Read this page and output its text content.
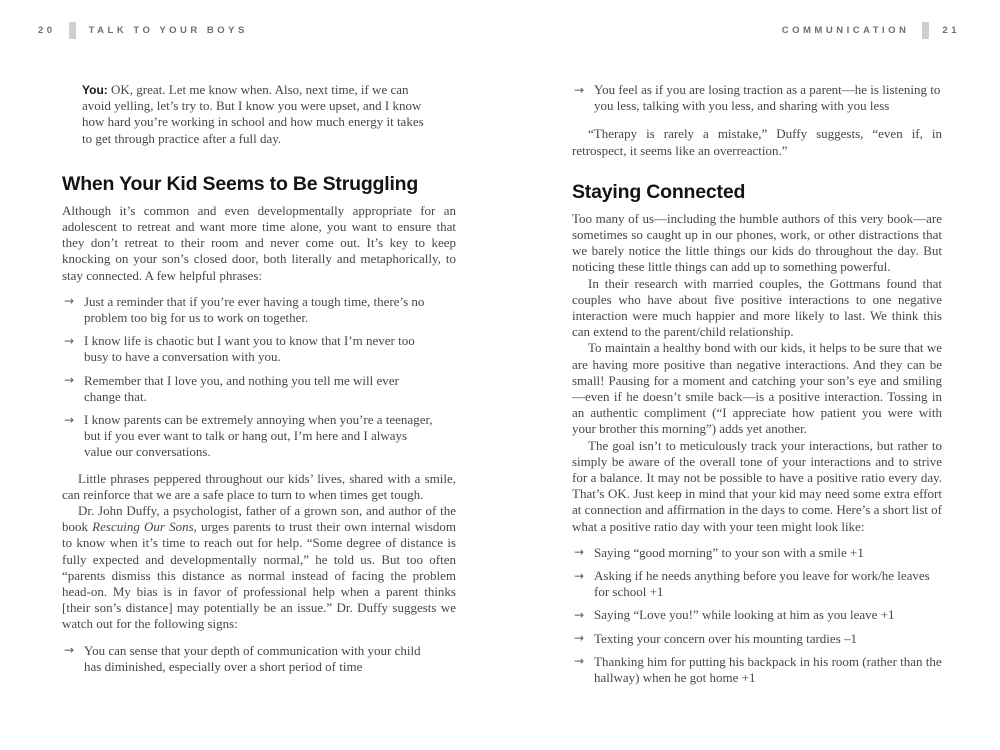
20	TALK TO YOUR BOYS	COMMUNICATION	21

You: OK, great. Let me know when. Also, next time, if we can avoid yelling, let’s try to. But I know you were upset, and I know how hard you’re working in school and how much energy it takes to get through practice after a full day.

When Your Kid Seems to Be Struggling

Although it’s common and even developmentally appropriate for an adolescent to retreat and want more time alone, you want to ensure that they don’t retreat to their room and never come out. It’s key to keep knocking on your son’s closed door, both literally and metaphorically, to stay connected. A few helpful phrases:

→ Just a reminder that if you’re ever having a tough time, there’s no problem too big for us to work on together.
→ I know life is chaotic but I want you to know that I’m never too busy to have a conversation with you.
→ Remember that I love you, and nothing you tell me will ever change that.
→ I know parents can be extremely annoying when you’re a teenager, but if you ever want to talk or hang out, I’m here and I always value our conversations.

Little phrases peppered throughout our kids’ lives, shared with a smile, can reinforce that we are a safe place to turn to when times get tough.

Dr. John Duffy, a psychologist, father of a grown son, and author of the book Rescuing Our Sons, urges parents to trust their own internal wisdom to know when it’s time to reach out for help. “Some degree of distance is fully expected and developmentally normal,” he told us. But too often “parents dismiss this distance as normal instead of facing the problem head-on. My bias is in favor of professional help when a parent thinks [their son’s distance] may potentially be an issue.” Dr. Duffy suggests we watch out for the following signs:

→ You can sense that your depth of communication with your child has diminished, especially over a short period of time
→ You feel as if you are losing traction as a parent—he is listening to you less, talking with you less, and sharing with you less

“Therapy is rarely a mistake,” Duffy suggests, “even if, in retrospect, it seems like an overreaction.”

Staying Connected

Too many of us—including the humble authors of this very book—are sometimes so caught up in our phones, work, or other distractions that we barely notice the little things our kids do throughout the day. But noticing these little things can add up to something powerful.

In their research with married couples, the Gottmans found that couples who have about five positive interactions to one negative interaction were much happier and more likely to last. We think this can extend to the parent/child relationship.

To maintain a healthy bond with our kids, it helps to be sure that we are having more positive than negative interactions. And they can be small! Pausing for a moment and catching your son’s eye and smiling—even if he doesn’t smile back—is a positive interaction. Tossing in an authentic compliment (“I appreciate how patient you were with your brother this morning”) adds yet another.

The goal isn’t to meticulously track your interactions, but rather to simply be aware of the overall tone of your interactions and to strive for a balance. It may not be possible to have a positive ratio every day. That’s OK. Just keep in mind that your kid may need some extra effort at connection and affirmation in the days to come. Here’s a short list of what a positive ratio day with your teen might look like:

→ Saying “good morning” to your son with a smile +1
→ Asking if he needs anything before you leave for work/he leaves for school +1
→ Saying “Love you!” while looking at him as you leave +1
→ Texting your concern over his mounting tardies –1
→ Thanking him for putting his backpack in his room (rather than the hallway) when he got home +1
